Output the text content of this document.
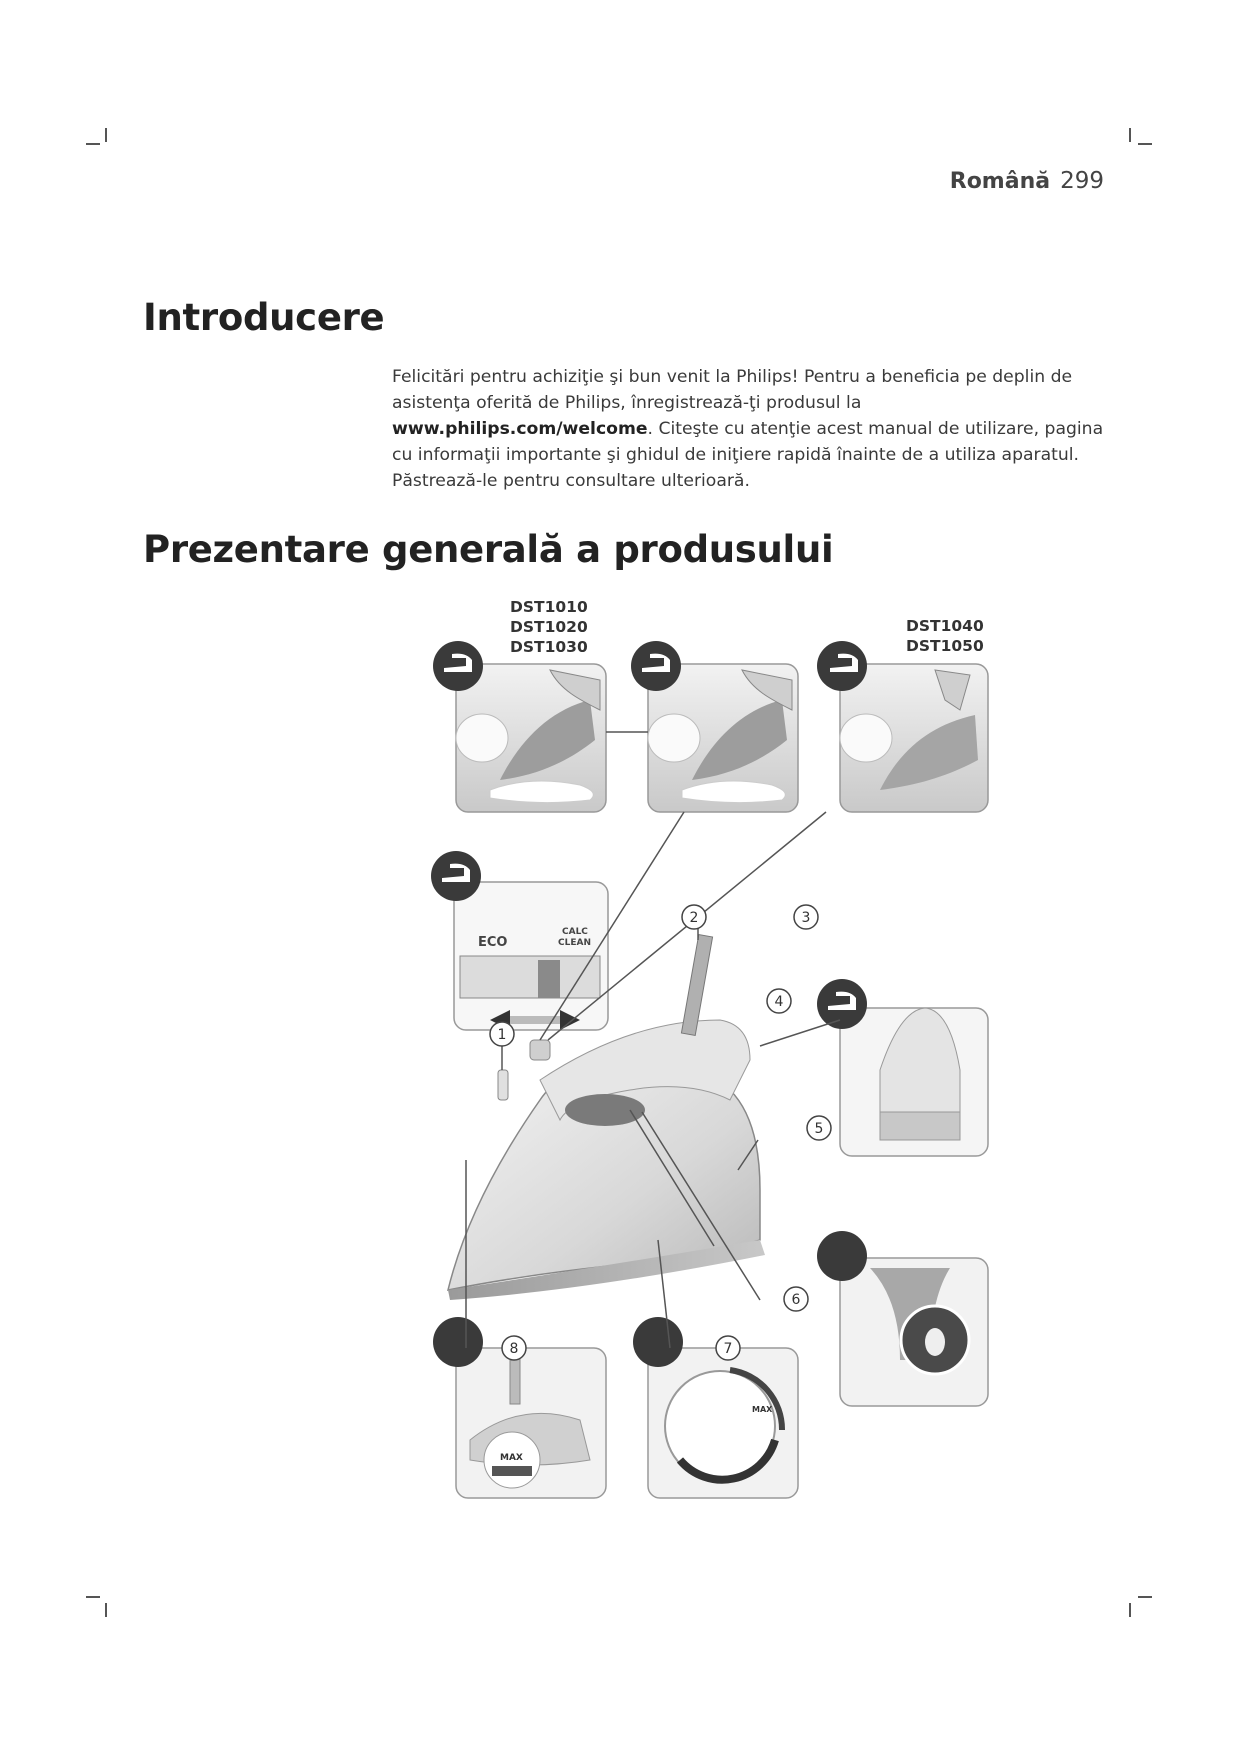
Română 299
Introducere
Felicitări pentru achiziţie şi bun venit la Philips! Pentru a beneficia pe deplin de asistenţa oferită de Philips, înregistrează-ţi produsul la www.philips.com/welcome. Citeşte cu atenţie acest manual de utilizare, pagina cu informaţii importante şi ghidul de iniţiere rapidă înainte de a utiliza aparatul. Păstrează-le pentru consultare ulterioară.
Prezentare generală a produsului
DST1010
DST1020
DST1030
DST1040
DST1050
ECO
CALC
CLEAN
MAX
MAX
1
2	3
4
5
6
7
8
